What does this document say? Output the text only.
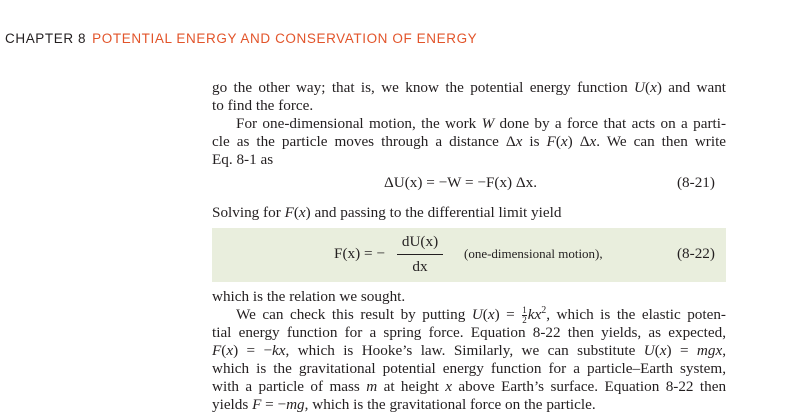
CHAPTER 8 POTENTIAL ENERGY AND CONSERVATION OF ENERGY
go the other way; that is, we know the potential energy function U(x) and want
to find the force.
For one-dimensional motion, the work W done by a force that acts on a parti-
cle as the particle moves through a distance Δx is F(x) Δx. We can then write
Eq. 8-1 as
ΔU(x) = −W = −F(x) Δx.	(8-21)
Solving for F(x) and passing to the differential limit yield
F(x) = −
dU(x)
dx
(one-dimensional motion),	(8-22)
which is the relation we sought.
We can check this result by putting $U(x) = \frac{1}{2} kx^2$, which is the elastic poten-
tial energy function for a spring force. Equation 8-22 then yields, as expected,
F(x) = −kx, which is Hooke’s law. Similarly, we can substitute U(x) = mgx,
which is the gravitational potential energy function for a particle–Earth system,
with a particle of mass m at height x above Earth’s surface. Equation 8-22 then
yields F = −mg, which is the gravitational force on the particle.
